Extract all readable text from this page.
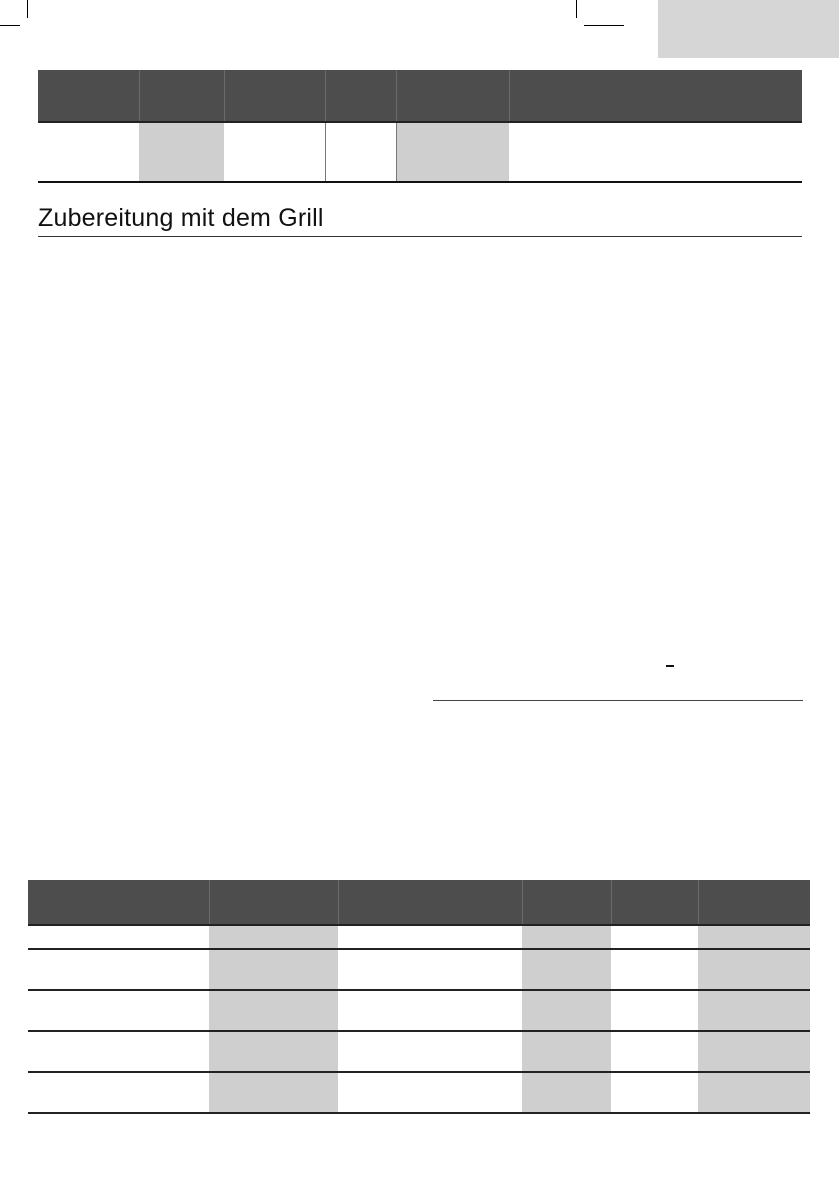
Zubereitung mit dem Grill
